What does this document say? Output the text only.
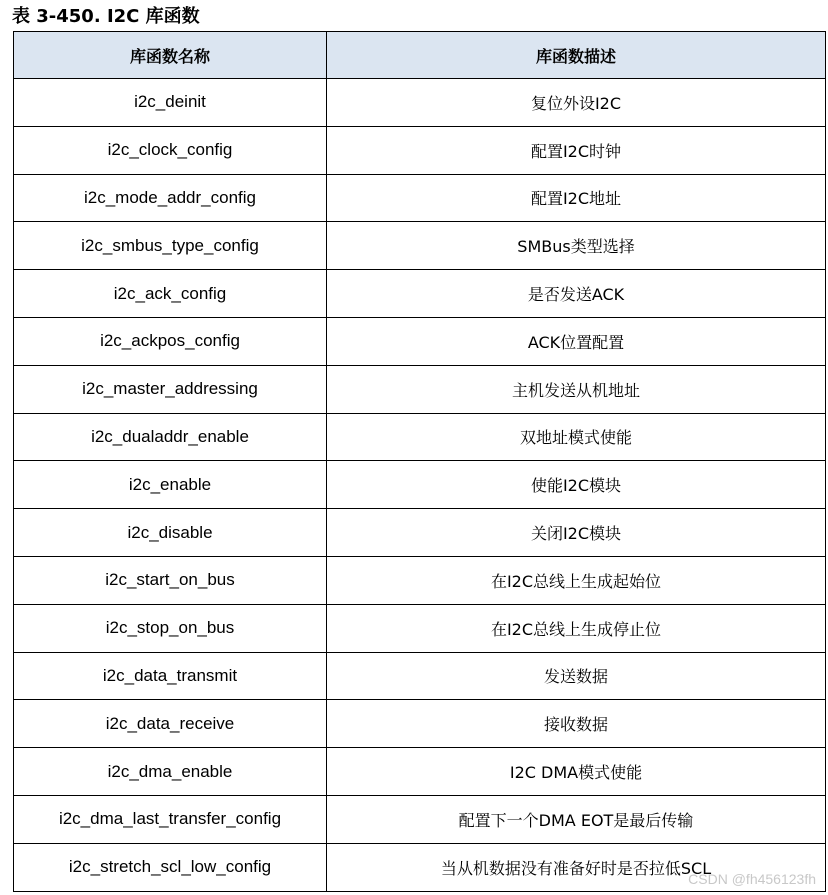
表 3-450. I2C 库函数
库函数名称	库函数描述
i2c_deinit	复位外设I2C
i2c_clock_config	配置I2C时钟
i2c_mode_addr_config	配置I2C地址
i2c_smbus_type_config	SMBus类型选择
i2c_ack_config	是否发送ACK
i2c_ackpos_config	ACK位置配置
i2c_master_addressing	主机发送从机地址
i2c_dualaddr_enable	双地址模式使能
i2c_enable	使能I2C模块
i2c_disable	关闭I2C模块
i2c_start_on_bus	在I2C总线上生成起始位
i2c_stop_on_bus	在I2C总线上生成停止位
i2c_data_transmit	发送数据
i2c_data_receive	接收数据
i2c_dma_enable	I2C DMA模式使能
i2c_dma_last_transfer_config	配置下一个DMA EOT是最后传输
i2c_stretch_scl_low_config	当从机数据没有准备好时是否拉低SCL
CSDN @fh456123fh
